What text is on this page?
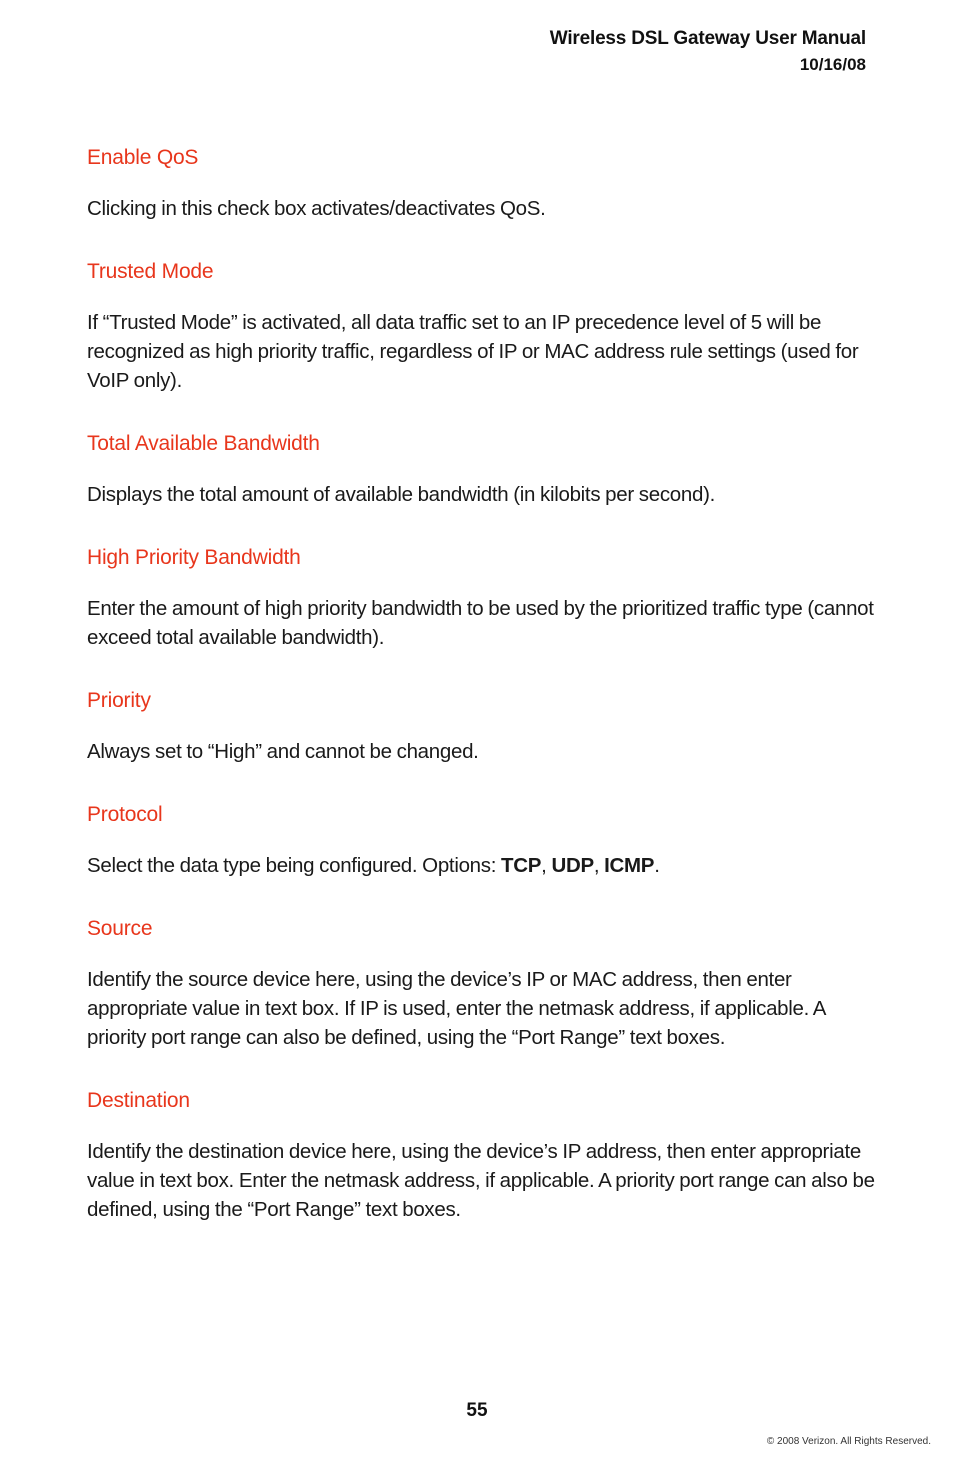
Wireless DSL Gateway User Manual
10/16/08
Enable QoS

Clicking in this check box activates/deactivates QoS.

Trusted Mode

If “Trusted Mode” is activated, all data traffic set to an IP precedence level of 5 will be recognized as high priority traffic, regardless of IP or MAC address rule settings (used for VoIP only).

Total Available Bandwidth

Displays the total amount of available bandwidth (in kilobits per second).

High Priority Bandwidth

Enter the amount of high priority bandwidth to be used by the prioritized traffic type (cannot exceed total available bandwidth).

Priority

Always set to “High” and cannot be changed.

Protocol

Select the data type being configured. Options: TCP, UDP, ICMP.

Source

Identify the source device here, using the device’s IP or MAC address, then enter appropriate value in text box. If IP is used, enter the netmask address, if applicable. A priority port range can also be defined, using the “Port Range” text boxes.

Destination

Identify the destination device here, using the device’s IP address, then enter appropriate value in text box. Enter the netmask address, if applicable. A priority port range can also be defined, using the “Port Range” text boxes.

55
© 2008 Verizon. All Rights Reserved.
